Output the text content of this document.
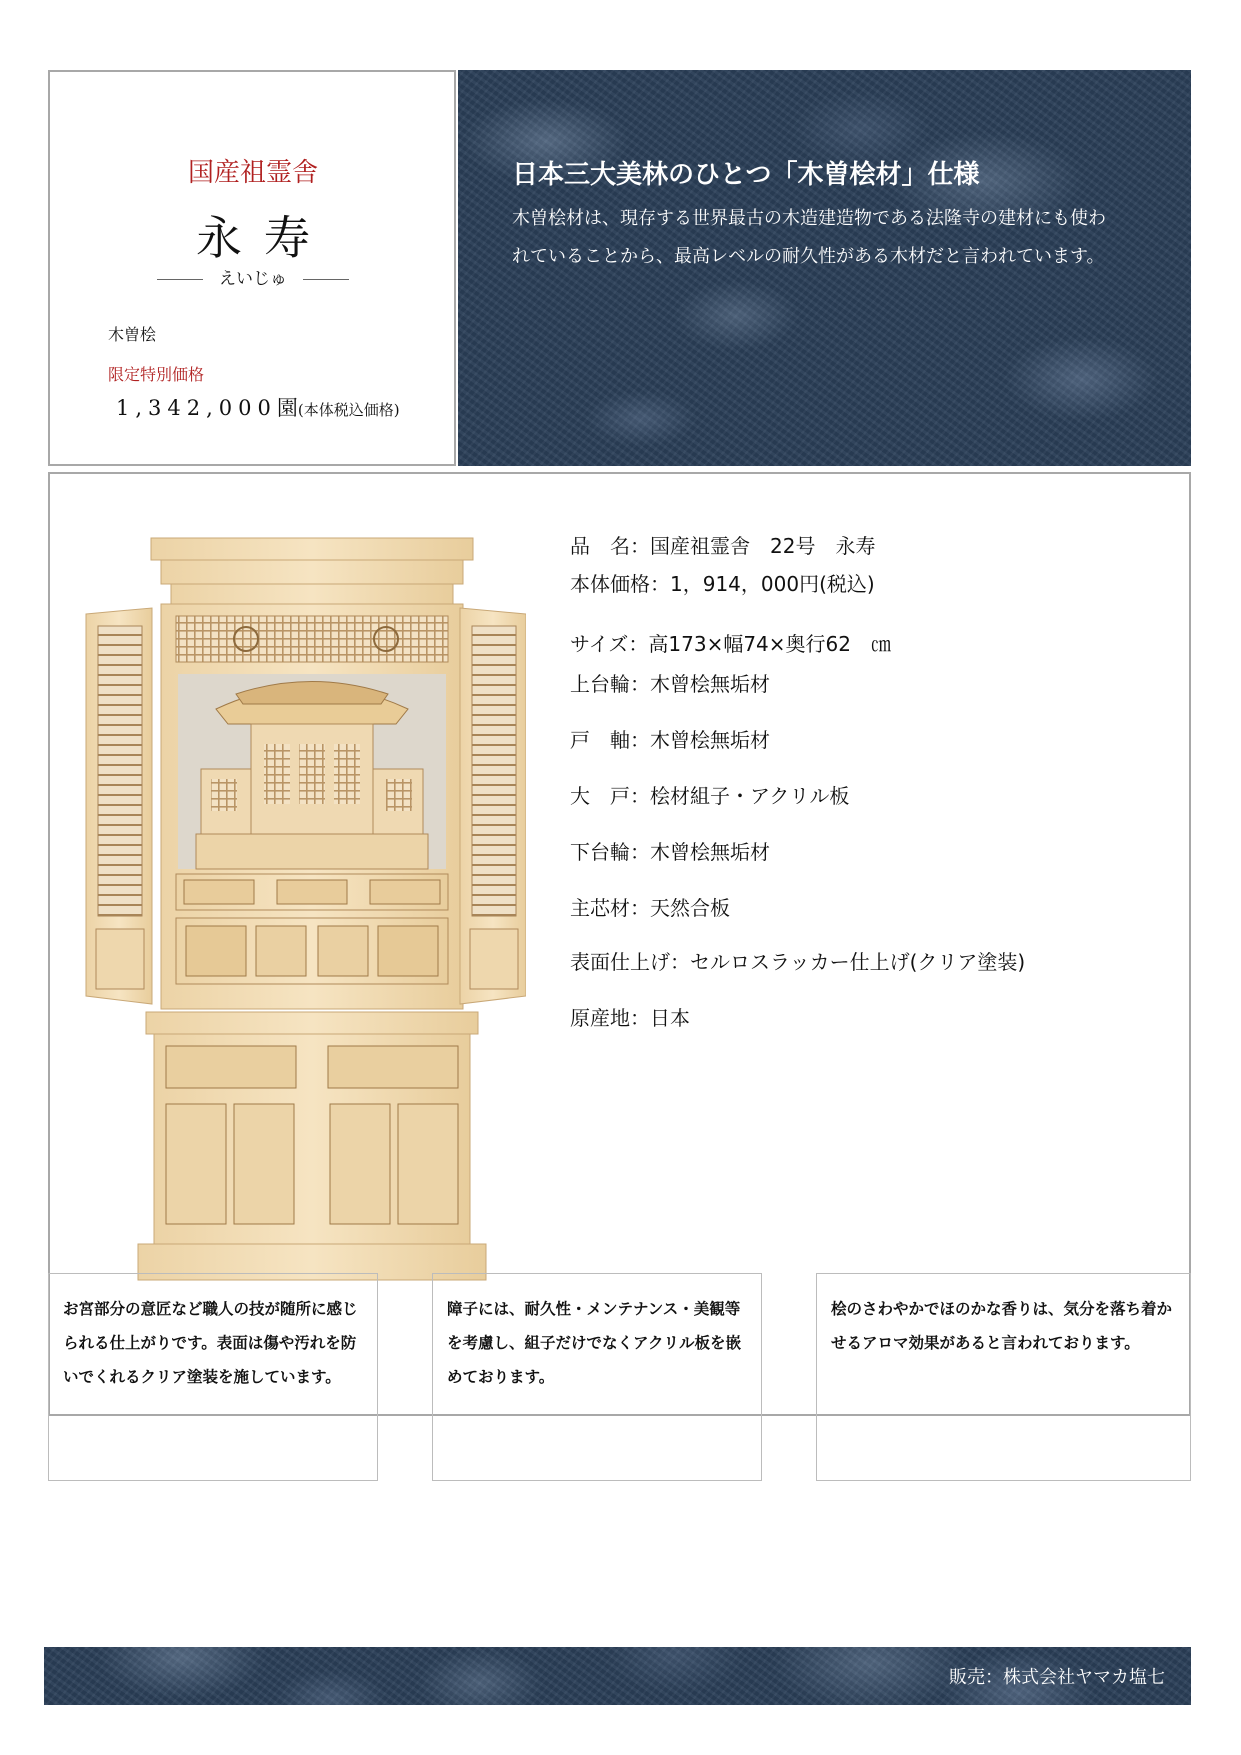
国産祖霊舎
永寿
えいじゅ
木曽桧
限定特別価格
1,342,000園(本体税込価格)
日本三大美林のひとつ「木曽桧材」仕様
木曽桧材は、現存する世界最古の木造建造物である法隆寺の建材にも使われていることから、最高レベルの耐久性がある木材だと言われています。
品　名：国産祖霊舎　22号　永寿
本体価格：1，914，000円(税込)
サイズ：高173×幅74×奥行62　㎝
上台輪：木曾桧無垢材
戸　軸：木曾桧無垢材
大　戸：桧材組子・アクリル板
下台輪：木曾桧無垢材
主芯材：天然合板
表面仕上げ：セルロスラッカー仕上げ(クリア塗装)
原産地：日本
お宮部分の意匠など職人の技が随所に感じられる仕上がりです。表面は傷や汚れを防いでくれるクリア塗装を施しています。
障子には、耐久性・メンテナンス・美観等を考慮し、組子だけでなくアクリル板を嵌めております。
桧のさわやかでほのかな香りは、気分を落ち着かせるアロマ効果があると言われております。
販売：株式会社ヤマカ塩七
